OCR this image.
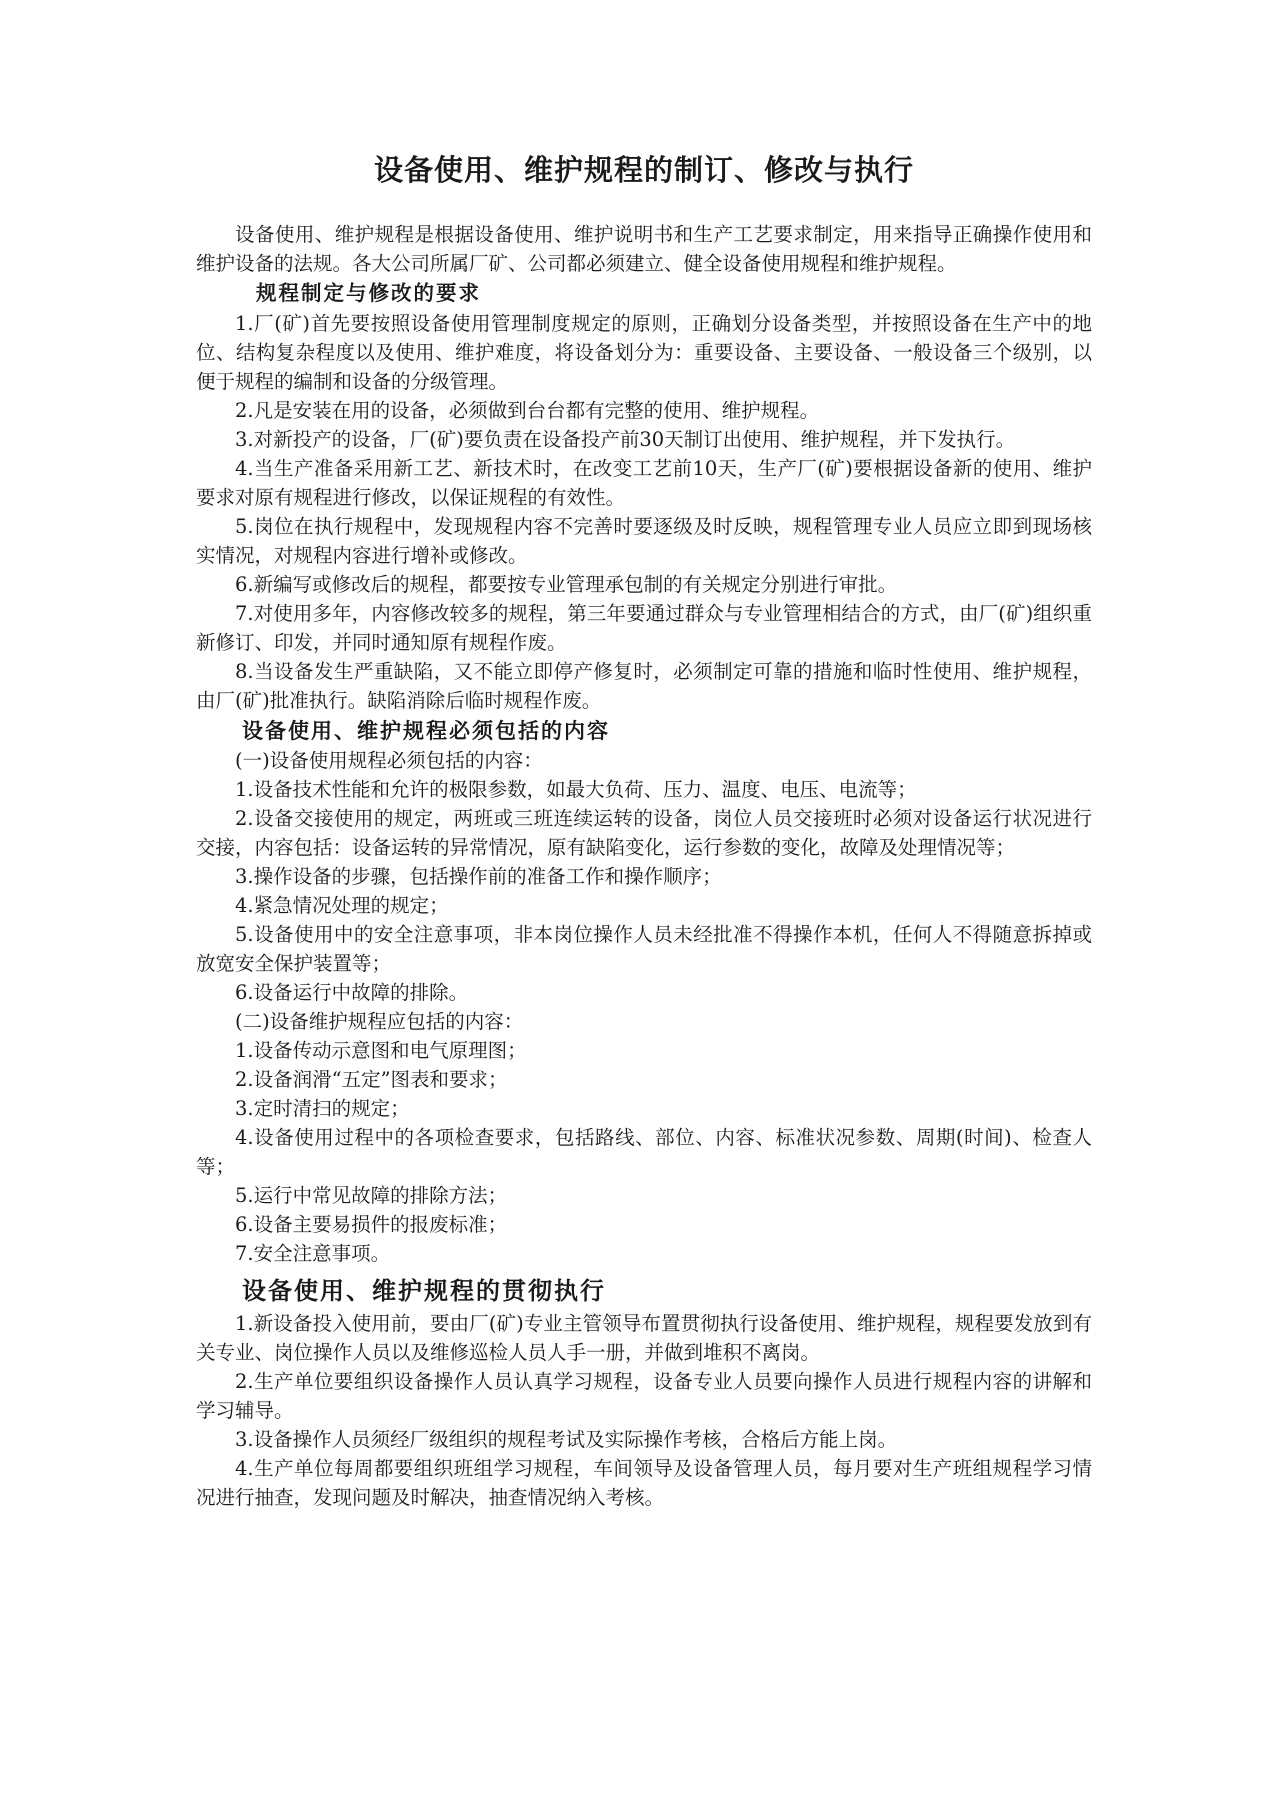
设备使用、维护规程的制订、修改与执行

设备使用、维护规程是根据设备使用、维护说明书和生产工艺要求制定，用来指导正确操作使用和维护设备的法规。各大公司所属厂矿、公司都必须建立、健全设备使用规程和维护规程。

规程制定与修改的要求

1.厂(矿)首先要按照设备使用管理制度规定的原则，正确划分设备类型，并按照设备在生产中的地位、结构复杂程度以及使用、维护难度，将设备划分为：重要设备、主要设备、一般设备三个级别，以便于规程的编制和设备的分级管理。

2.凡是安装在用的设备，必须做到台台都有完整的使用、维护规程。

3.对新投产的设备，厂(矿)要负责在设备投产前30天制订出使用、维护规程，并下发执行。

4.当生产准备采用新工艺、新技术时，在改变工艺前10天，生产厂(矿)要根据设备新的使用、维护要求对原有规程进行修改，以保证规程的有效性。

5.岗位在执行规程中，发现规程内容不完善时要逐级及时反映，规程管理专业人员应立即到现场核实情况，对规程内容进行增补或修改。

6.新编写或修改后的规程，都要按专业管理承包制的有关规定分别进行审批。

7.对使用多年，内容修改较多的规程，第三年要通过群众与专业管理相结合的方式，由厂(矿)组织重新修订、印发，并同时通知原有规程作废。

8.当设备发生严重缺陷，又不能立即停产修复时，必须制定可靠的措施和临时性使用、维护规程，由厂(矿)批准执行。缺陷消除后临时规程作废。

设备使用、维护规程必须包括的内容

(一)设备使用规程必须包括的内容：

1.设备技术性能和允许的极限参数，如最大负荷、压力、温度、电压、电流等；

2.设备交接使用的规定，两班或三班连续运转的设备，岗位人员交接班时必须对设备运行状况进行交接，内容包括：设备运转的异常情况，原有缺陷变化，运行参数的变化，故障及处理情况等；

3.操作设备的步骤，包括操作前的准备工作和操作顺序；

4.紧急情况处理的规定；

5.设备使用中的安全注意事项，非本岗位操作人员未经批准不得操作本机，任何人不得随意拆掉或放宽安全保护装置等；

6.设备运行中故障的排除。

(二)设备维护规程应包括的内容：

1.设备传动示意图和电气原理图；

2.设备润滑“五定”图表和要求；

3.定时清扫的规定；

4.设备使用过程中的各项检查要求，包括路线、部位、内容、标准状况参数、周期(时间)、检查人等；

5.运行中常见故障的排除方法；

6.设备主要易损件的报废标准；

7.安全注意事项。

设备使用、维护规程的贯彻执行

1.新设备投入使用前，要由厂(矿)专业主管领导布置贯彻执行设备使用、维护规程，规程要发放到有关专业、岗位操作人员以及维修巡检人员人手一册，并做到堆积不离岗。

2.生产单位要组织设备操作人员认真学习规程，设备专业人员要向操作人员进行规程内容的讲解和学习辅导。

3.设备操作人员须经厂级组织的规程考试及实际操作考核，合格后方能上岗。

4.生产单位每周都要组织班组学习规程，车间领导及设备管理人员，每月要对生产班组规程学习情况进行抽查，发现问题及时解决，抽查情况纳入考核。
